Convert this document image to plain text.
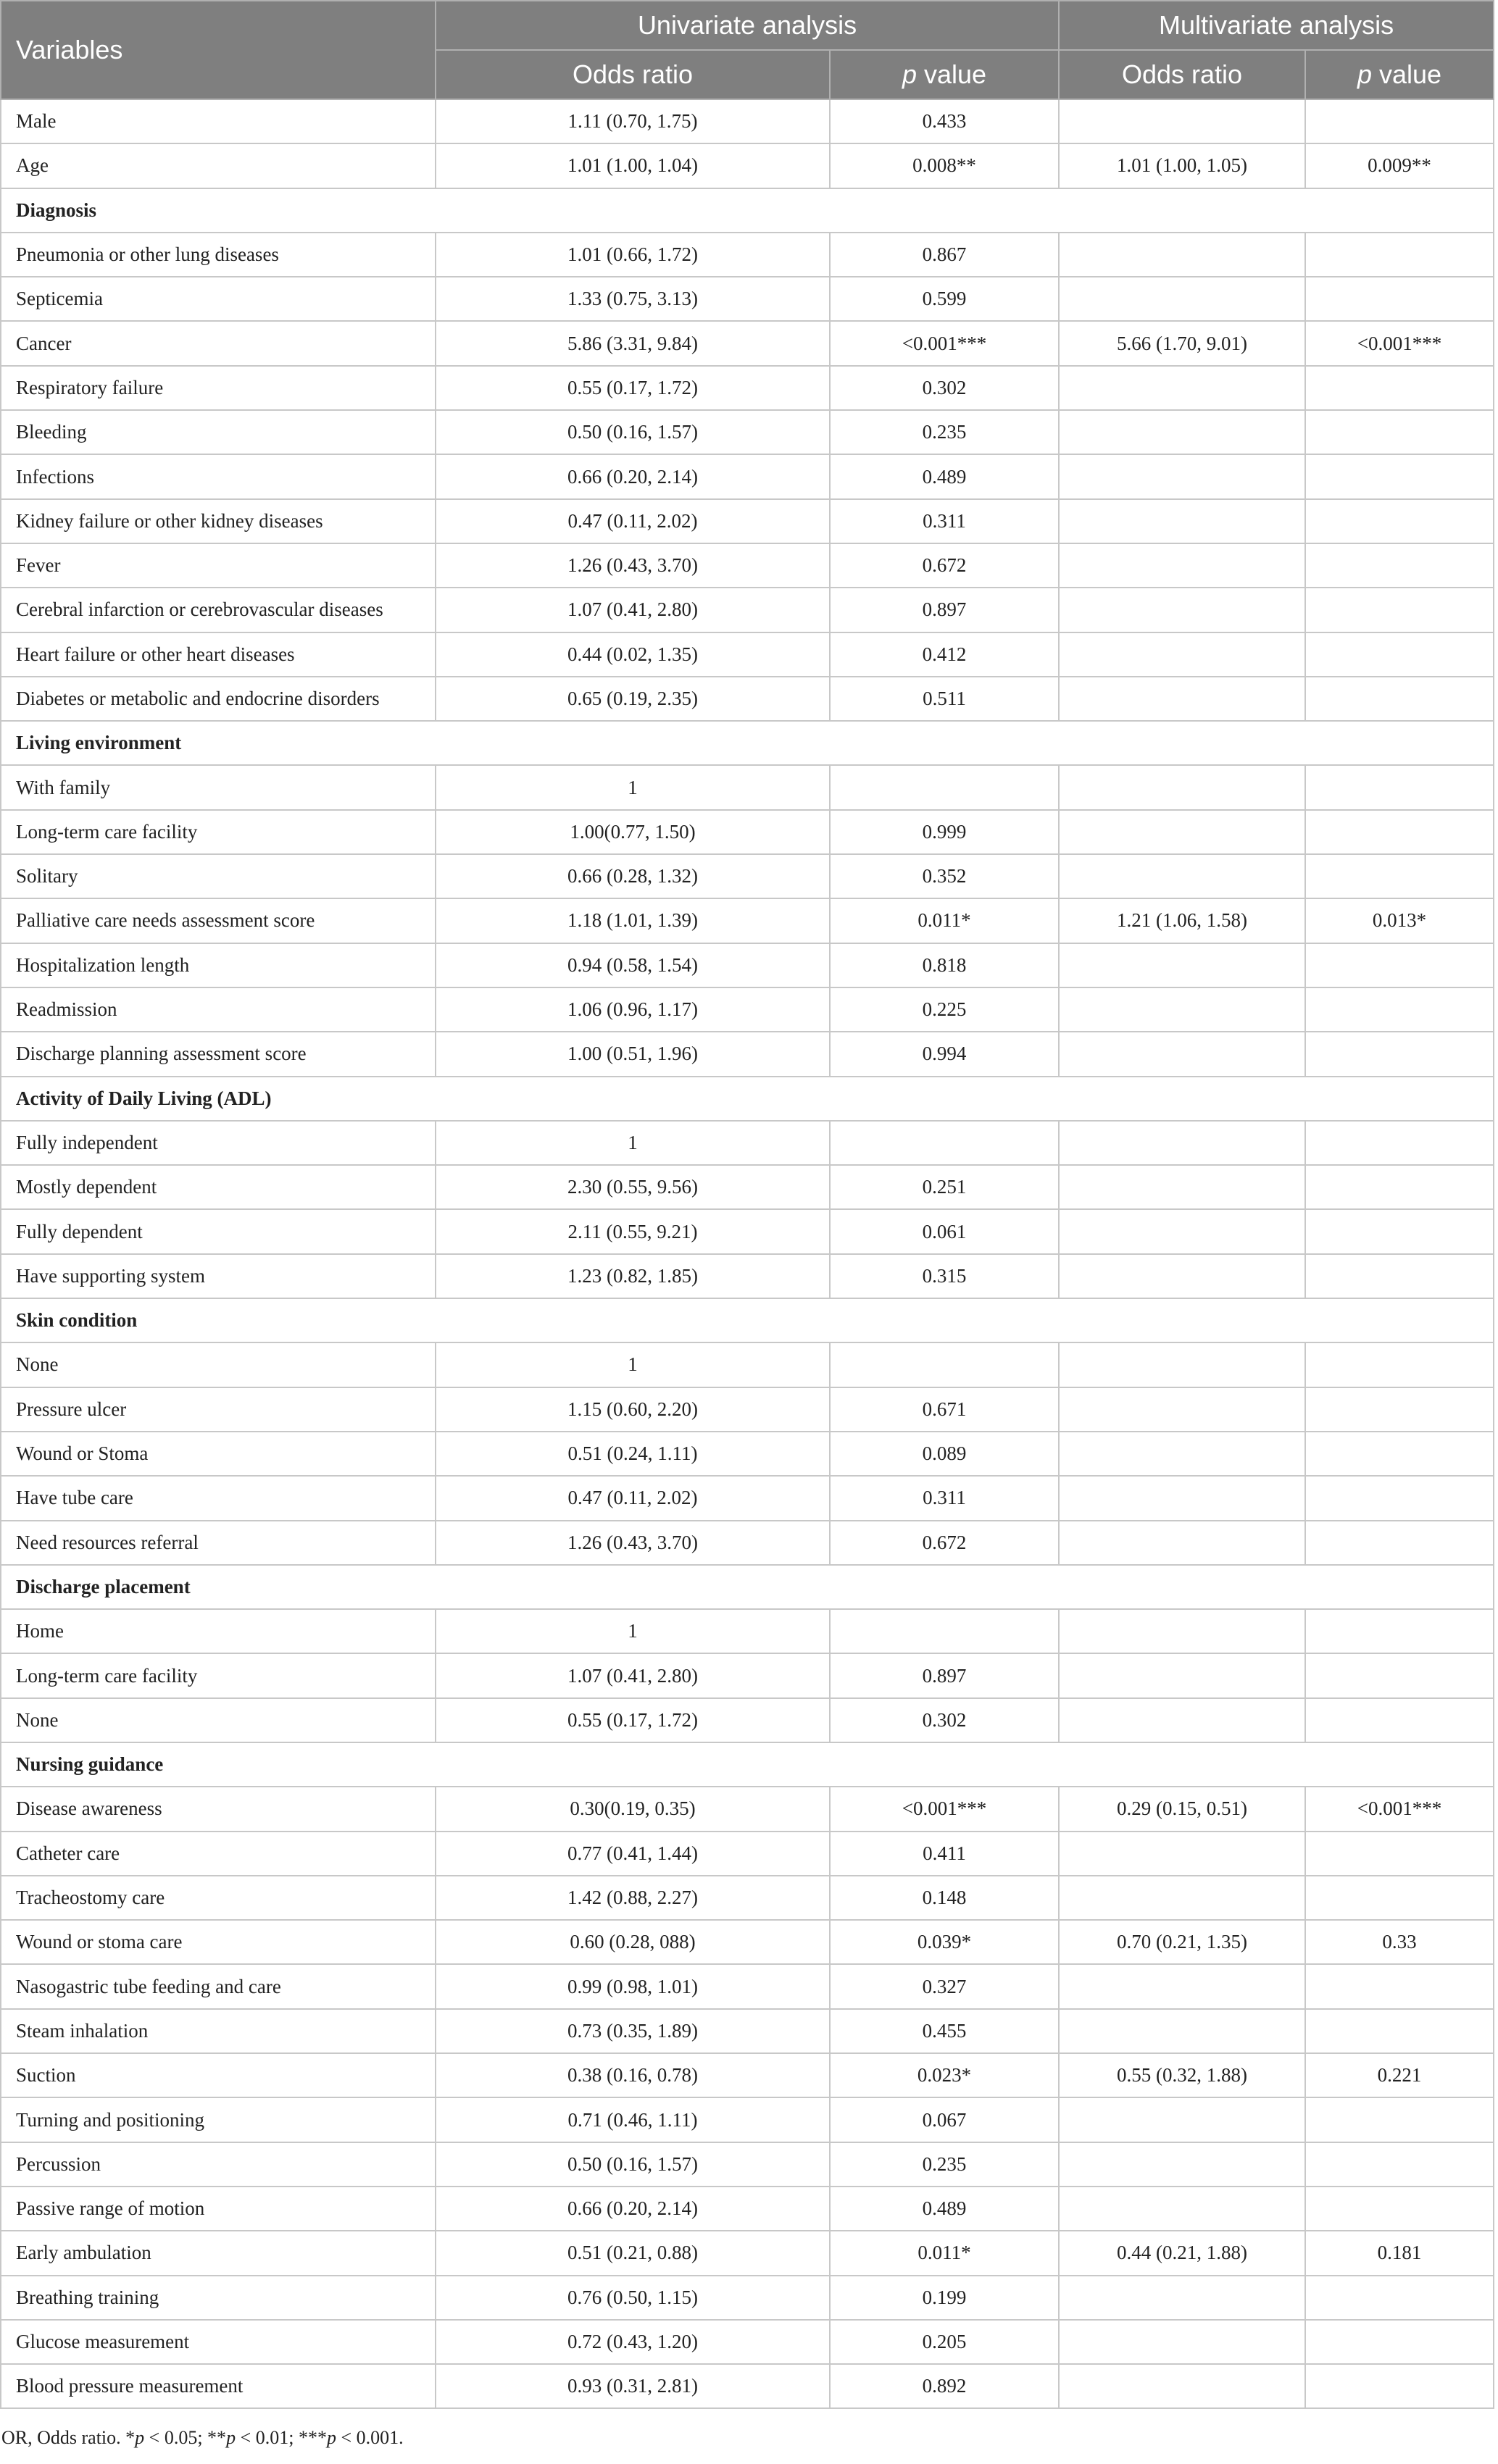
Variables	Univariate analysis		Multivariate analysis	
	Odds ratio	p value	Odds ratio	p value
Male	1.11 (0.70, 1.75)	0.433		
Age	1.01 (1.00, 1.04)	0.008**	1.01 (1.00, 1.05)	0.009**
Diagnosis				
Pneumonia or other lung diseases	1.01 (0.66, 1.72)	0.867		
Septicemia	1.33 (0.75, 3.13)	0.599		
Cancer	5.86 (3.31, 9.84)	<0.001***	5.66 (1.70, 9.01)	<0.001***
Respiratory failure	0.55 (0.17, 1.72)	0.302		
Bleeding	0.50 (0.16, 1.57)	0.235		
Infections	0.66 (0.20, 2.14)	0.489		
Kidney failure or other kidney diseases	0.47 (0.11, 2.02)	0.311		
Fever	1.26 (0.43, 3.70)	0.672		
Cerebral infarction or cerebrovascular diseases	1.07 (0.41, 2.80)	0.897		
Heart failure or other heart diseases	0.44 (0.02, 1.35)	0.412		
Diabetes or metabolic and endocrine disorders	0.65 (0.19, 2.35)	0.511		
Living environment				
With family	1			
Long-term care facility	1.00(0.77, 1.50)	0.999		
Solitary	0.66 (0.28, 1.32)	0.352		
Palliative care needs assessment score	1.18 (1.01, 1.39)	0.011*	1.21 (1.06, 1.58)	0.013*
Hospitalization length	0.94 (0.58, 1.54)	0.818		
Readmission	1.06 (0.96, 1.17)	0.225		
Discharge planning assessment score	1.00 (0.51, 1.96)	0.994		
Activity of Daily Living (ADL)				
Fully independent	1			
Mostly dependent	2.30 (0.55, 9.56)	0.251		
Fully dependent	2.11 (0.55, 9.21)	0.061		
Have supporting system	1.23 (0.82, 1.85)	0.315		
Skin condition				
None	1			
Pressure ulcer	1.15 (0.60, 2.20)	0.671		
Wound or Stoma	0.51 (0.24, 1.11)	0.089		
Have tube care	0.47 (0.11, 2.02)	0.311		
Need resources referral	1.26 (0.43, 3.70)	0.672		
Discharge placement				
Home	1			
Long-term care facility	1.07 (0.41, 2.80)	0.897		
None	0.55 (0.17, 1.72)	0.302		
Nursing guidance				
Disease awareness	0.30(0.19, 0.35)	<0.001***	0.29 (0.15, 0.51)	<0.001***
Catheter care	0.77 (0.41, 1.44)	0.411		
Tracheostomy care	1.42 (0.88, 2.27)	0.148		
Wound or stoma care	0.60 (0.28, 088)	0.039*	0.70 (0.21, 1.35)	0.33
Nasogastric tube feeding and care	0.99 (0.98, 1.01)	0.327		
Steam inhalation	0.73 (0.35, 1.89)	0.455		
Suction	0.38 (0.16, 0.78)	0.023*	0.55 (0.32, 1.88)	0.221
Turning and positioning	0.71 (0.46, 1.11)	0.067		
Percussion	0.50 (0.16, 1.57)	0.235		
Passive range of motion	0.66 (0.20, 2.14)	0.489		
Early ambulation	0.51 (0.21, 0.88)	0.011*	0.44 (0.21, 1.88)	0.181
Breathing training	0.76 (0.50, 1.15)	0.199		
Glucose measurement	0.72 (0.43, 1.20)	0.205		
Blood pressure measurement	0.93 (0.31, 2.81)	0.892		

OR, Odds ratio. *p < 0.05; **p < 0.01; ***p < 0.001.
